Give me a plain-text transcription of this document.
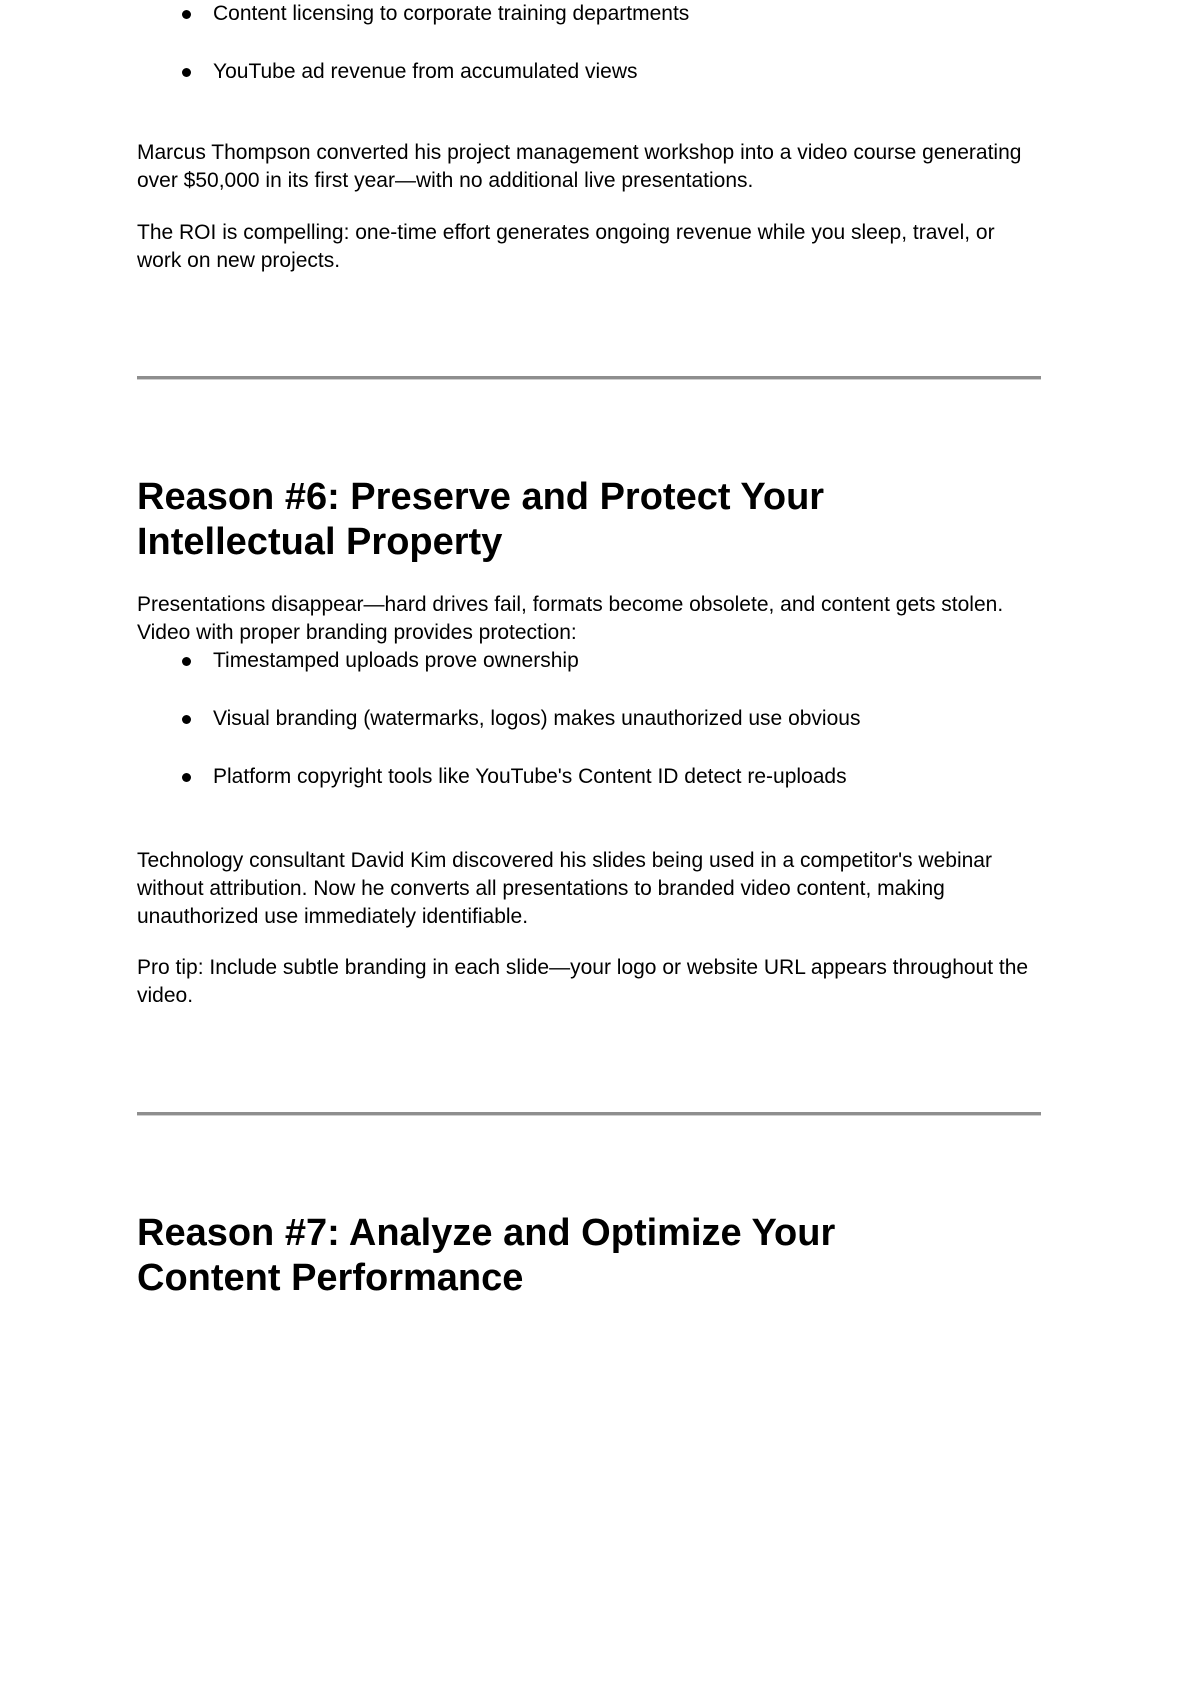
Content licensing to corporate training departments
YouTube ad revenue from accumulated views

Marcus Thompson converted his project management workshop into a video course generating over $50,000 in its first year—with no additional live presentations.

The ROI is compelling: one-time effort generates ongoing revenue while you sleep, travel, or work on new projects.

Reason #6: Preserve and Protect Your Intellectual Property

Presentations disappear—hard drives fail, formats become obsolete, and content gets stolen. Video with proper branding provides protection:

Timestamped uploads prove ownership
Visual branding (watermarks, logos) makes unauthorized use obvious
Platform copyright tools like YouTube's Content ID detect re-uploads

Technology consultant David Kim discovered his slides being used in a competitor's webinar without attribution. Now he converts all presentations to branded video content, making unauthorized use immediately identifiable.

Pro tip: Include subtle branding in each slide—your logo or website URL appears throughout the video.

Reason #7: Analyze and Optimize Your Content Performance
